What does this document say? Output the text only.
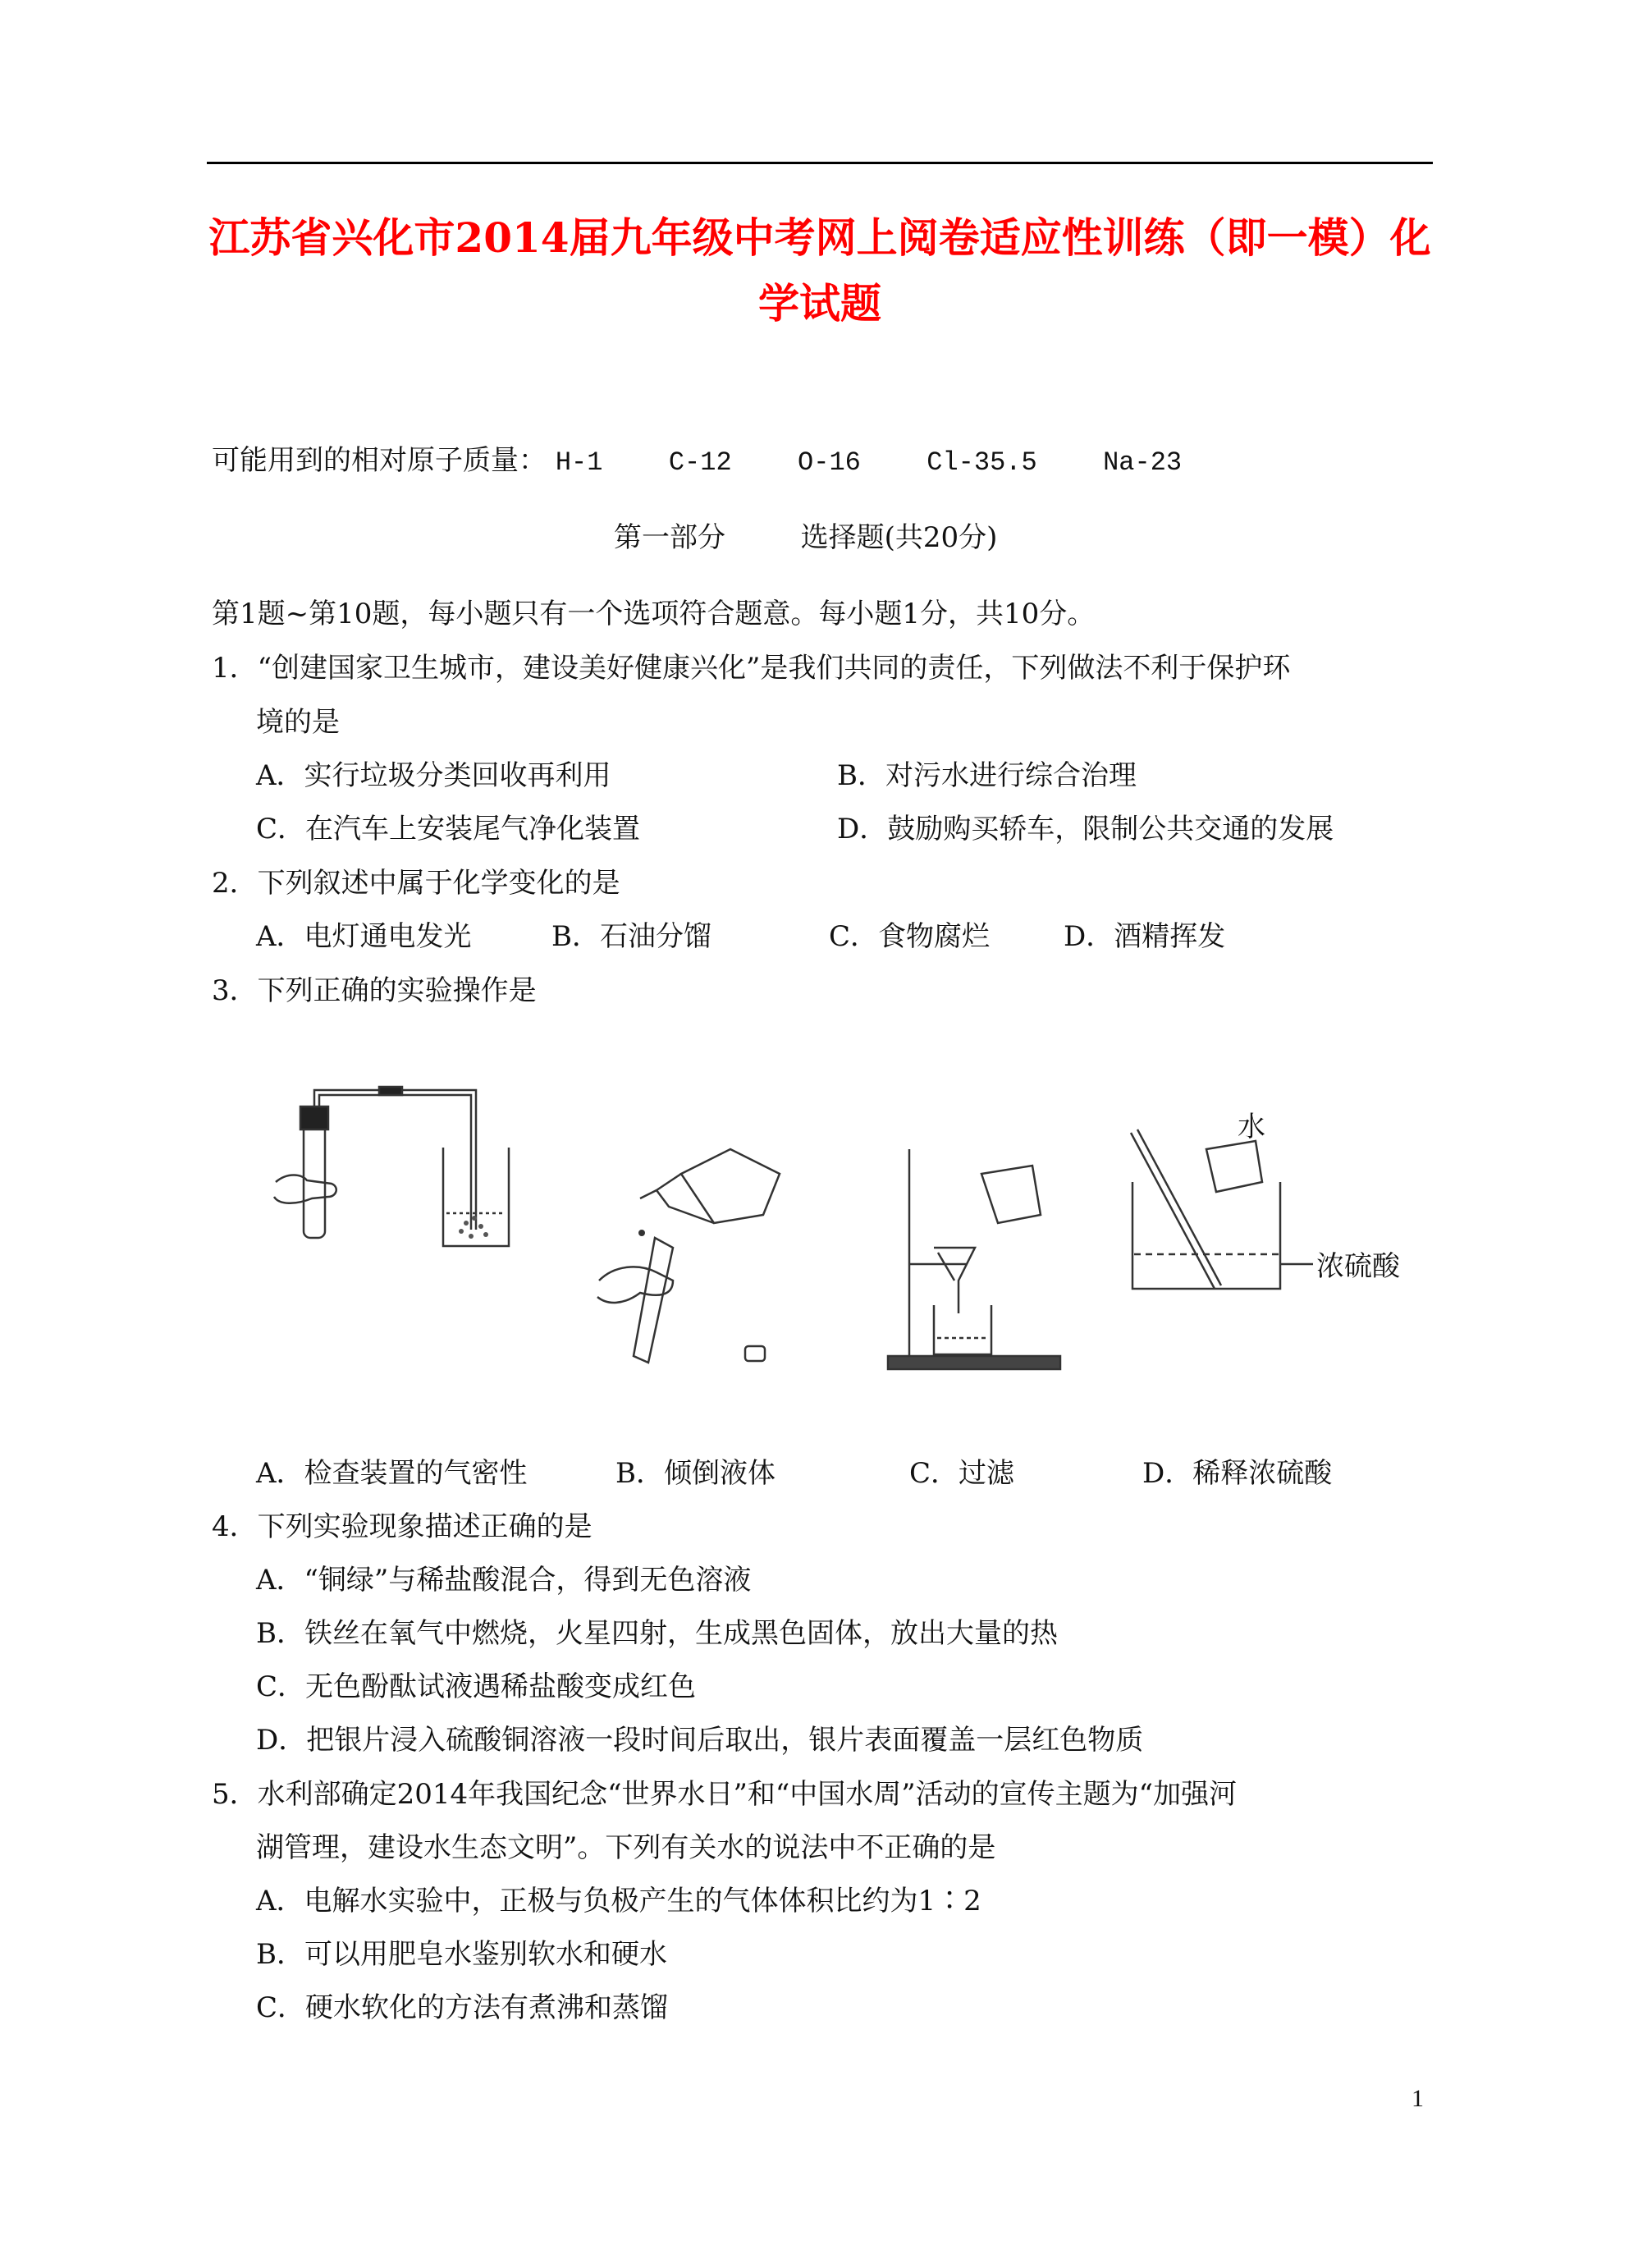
江苏省兴化市2014届九年级中考网上阅卷适应性训练（即一模）化
学试题
可能用到的相对原子质量： H-1	C-12	O-16	Cl-35.5	Na-23
第一部分	选择题(共20分)
第1题~第10题，每小题只有一个选项符合题意。每小题1分，共10分。
1．“创建国家卫生城市，建设美好健康兴化”是我们共同的责任，下列做法不利于保护环
境的是
A．实行垃圾分类回收再利用	B．对污水进行综合治理
C．在汽车上安装尾气净化装置	D．鼓励购买轿车，限制公共交通的发展
2．下列叙述中属于化学变化的是
A．电灯通电发光	B．石油分馏	C．食物腐烂	D．酒精挥发
3．下列正确的实验操作是
水
浓硫酸
A．检查装置的气密性	B．倾倒液体	C．过滤	D．稀释浓硫酸
4．下列实验现象描述正确的是
A．“铜绿”与稀盐酸混合，得到无色溶液
B．铁丝在氧气中燃烧，火星四射，生成黑色固体，放出大量的热
C．无色酚酞试液遇稀盐酸变成红色
D．把银片浸入硫酸铜溶液一段时间后取出，银片表面覆盖一层红色物质
5．水利部确定2014年我国纪念“世界水日”和“中国水周”活动的宣传主题为“加强河
湖管理，建设水生态文明”。下列有关水的说法中不正确的是
A．电解水实验中，正极与负极产生的气体体积比约为1∶2
B．可以用肥皂水鉴别软水和硬水
C．硬水软化的方法有煮沸和蒸馏
1
